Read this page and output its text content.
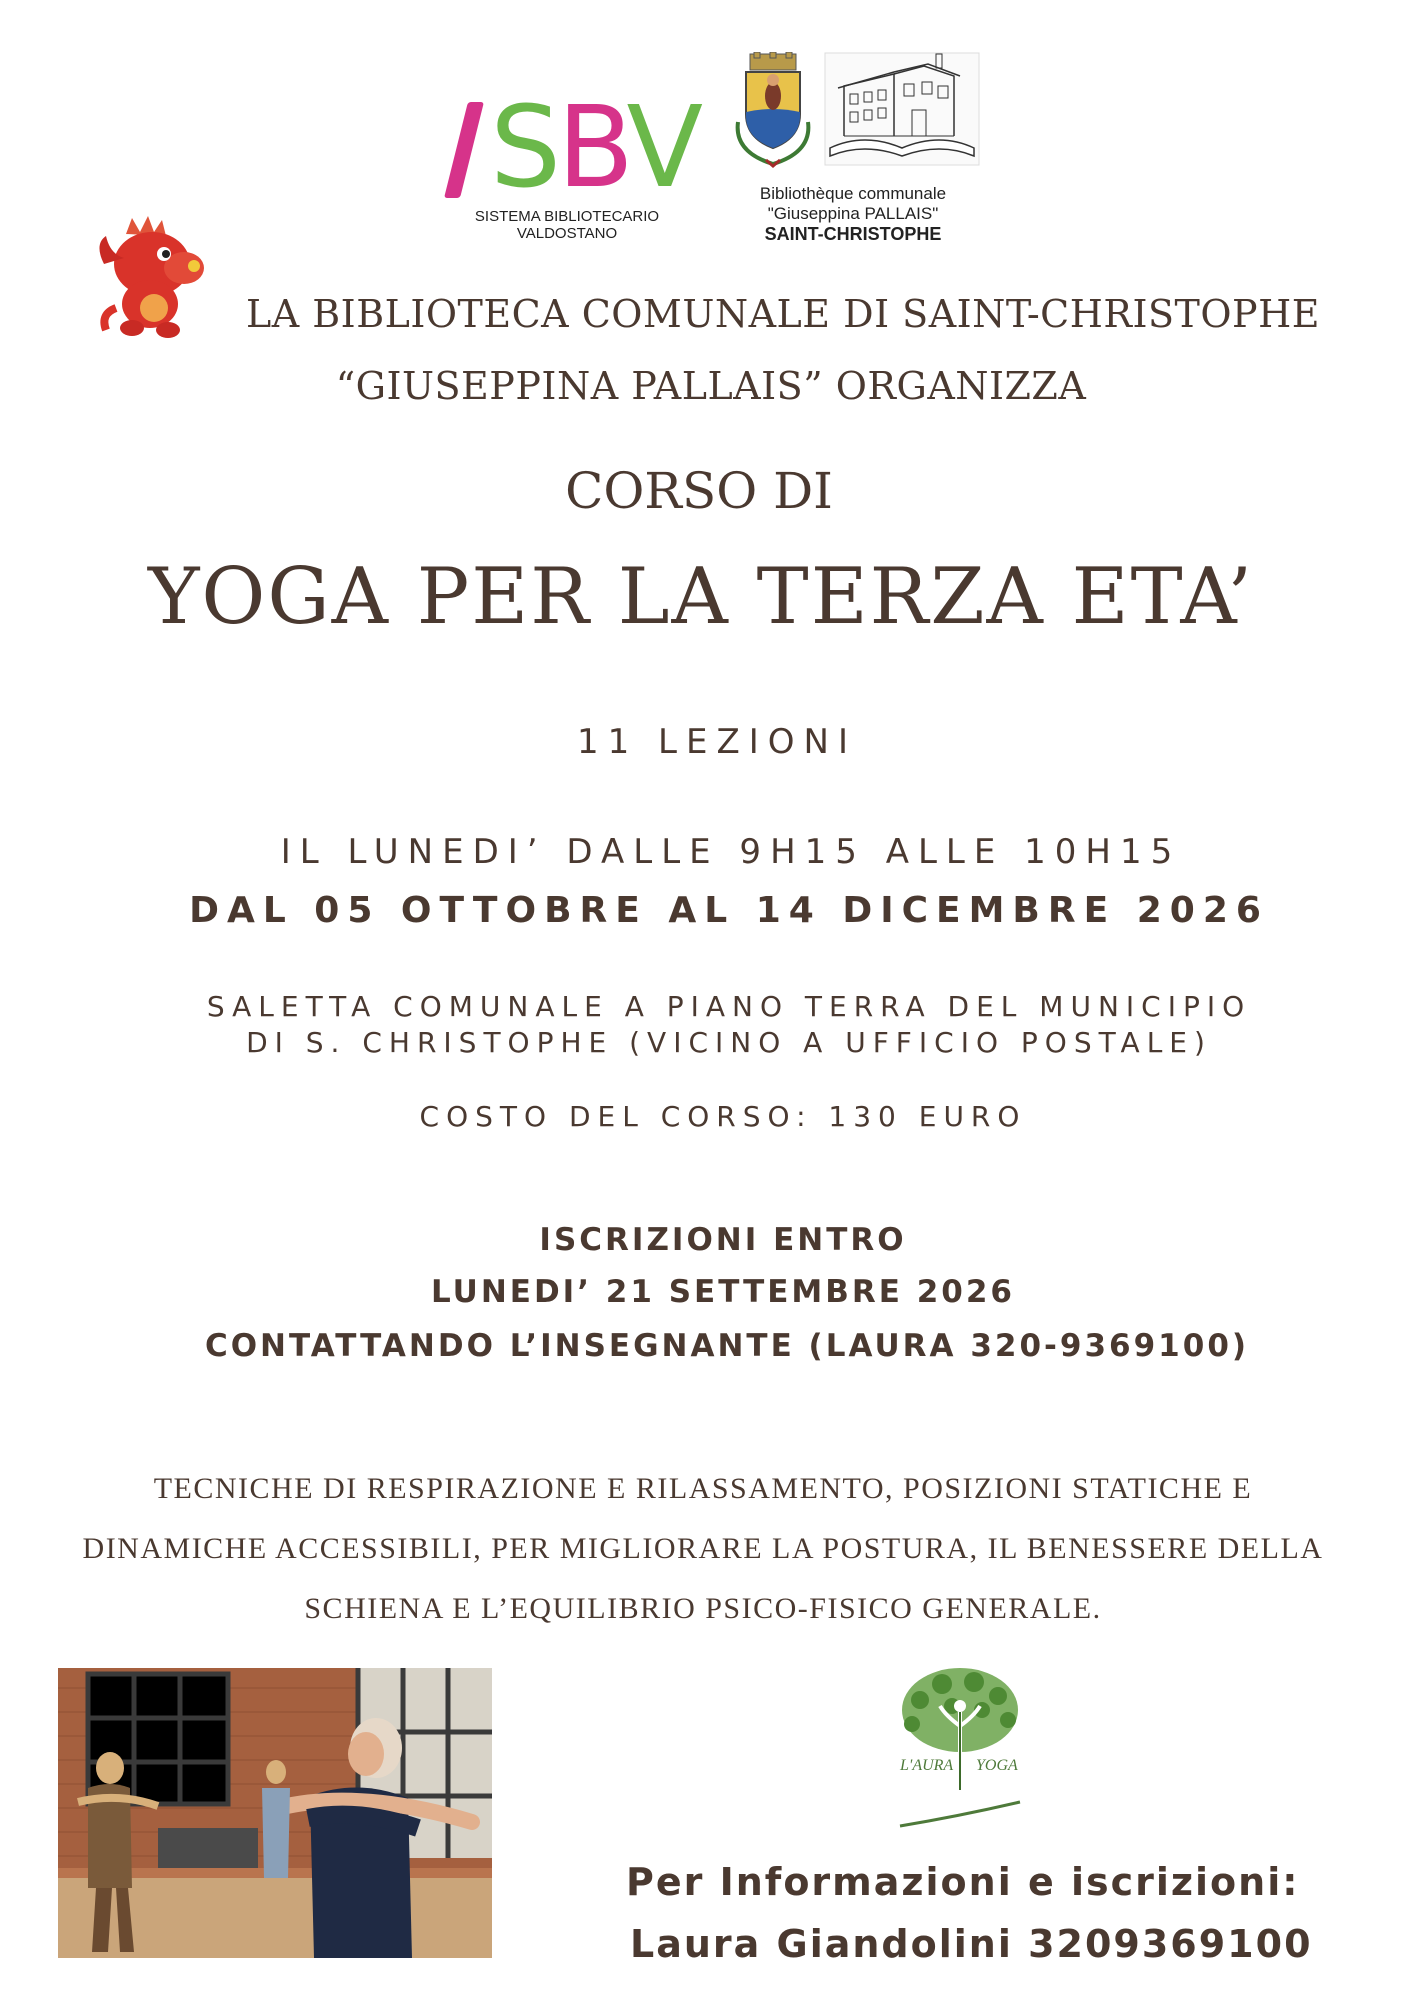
SBV
SISTEMA BIBLIOTECARIO VALDOSTANO
Bibliothèque communale
"Giuseppina PALLAIS"
SAINT-CHRISTOPHE
LA BIBLIOTECA COMUNALE DI SAINT-CHRISTOPHE
“GIUSEPPINA PALLAIS” ORGANIZZA
CORSO DI
YOGA PER LA TERZA ETA’
11 LEZIONI
IL LUNEDI’ DALLE 9H15 ALLE 10H15
DAL 05 OTTOBRE AL 14 DICEMBRE 2026
SALETTA COMUNALE A PIANO TERRA DEL MUNICIPIO
DI S. CHRISTOPHE (VICINO A UFFICIO POSTALE)
COSTO DEL CORSO: 130 EURO
ISCRIZIONI ENTRO
LUNEDI’ 21 SETTEMBRE 2026
CONTATTANDO L’INSEGNANTE (LAURA 320-9369100)
TECNICHE DI RESPIRAZIONE E RILASSAMENTO, POSIZIONI STATICHE E
DINAMICHE ACCESSIBILI, PER MIGLIORARE LA POSTURA, IL BENESSERE DELLA
SCHIENA E L’EQUILIBRIO PSICO-FISICO GENERALE.
L'AURA YOGA
Per Informazioni e iscrizioni:
Laura Giandolini 3209369100
